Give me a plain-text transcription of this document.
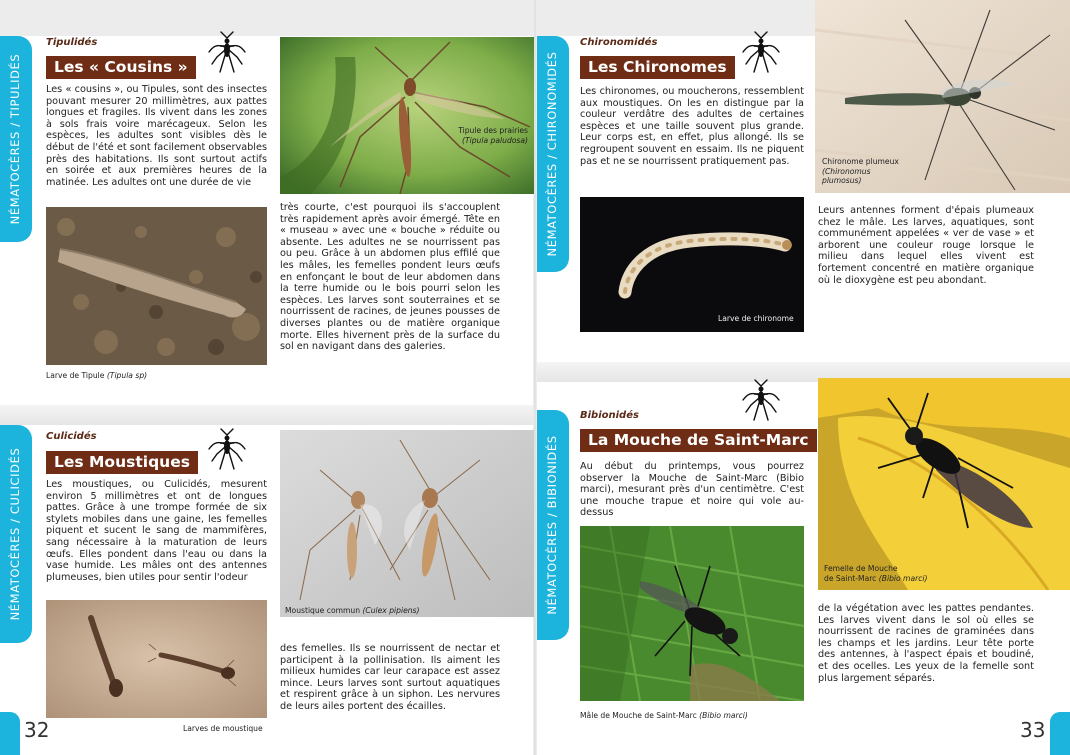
NÉMATOCÈRES / TIPULIDÉS
Tipulidés
Les « Cousins »
Les « cousins », ou Tipules, sont des insectes pouvant mesurer 20 millimètres, aux pattes longues et fragiles. Ils vivent dans les zones à sols frais voire marécageux. Selon les espèces, les adultes sont visibles dès le début de l'été et sont facilement observables près des habitations. Ils sont surtout actifs en soirée et aux premières heures de la matinée. Les adultes ont une durée de vie
Larve de Tipule (Tipula sp)
Tipule des prairies
(Tipula paludosa)
très courte, c'est pourquoi ils s'accouplent très rapidement après avoir émergé. Tête en « museau » avec une « bouche » réduite ou absente. Les adultes ne se nourrissent pas ou peu. Grâce à un abdomen plus effilé que les mâles, les femelles pondent leurs œufs en enfonçant le bout de leur abdomen dans la terre humide ou le bois pourri selon les espèces. Les larves sont souterraines et se nourrissent de racines, de jeunes pousses de diverses plantes ou de matière organique morte. Elles hivernent près de la surface du sol en navigant dans des galeries.
NÉMATOCÈRES / CULICIDÉS
Culicidés
Les Moustiques
Les moustiques, ou Culicidés, mesurent environ 5 millimètres et ont de longues pattes. Grâce à une trompe formée de six stylets mobiles dans une gaine, les femelles piquent et sucent le sang de mammifères, sang nécessaire à la maturation de leurs œufs. Elles pondent dans l'eau ou dans la vase humide. Les mâles ont des antennes plumeuses, bien utiles pour sentir l'odeur
Larves de moustique
Moustique commun (Culex pipiens)
des femelles. Ils se nourrissent de nectar et participent à la pollinisation. Ils aiment les milieux humides car leur carapace est assez mince. Leurs larves sont surtout aquatiques et respirent grâce à un siphon. Les nervures de leurs ailes portent des écailles.
32
NÉMATOCÈRES / CHIRONOMIDÉS
Chironomidés
Les Chironomes
Les chironomes, ou moucherons, ressemblent aux moustiques. On les en distingue par la couleur verdâtre des adultes de certaines espèces et une taille souvent plus grande. Leur corps est, en effet, plus allongé. Ils se regroupent souvent en essaim. Ils ne piquent pas et ne se nourrissent pratiquement pas.
Larve de chironome
Chironome plumeux
(Chironomus
plumosus)
Leurs antennes forment d'épais plumeaux chez le mâle. Les larves, aquatiques, sont communément appelées « ver de vase » et arborent une couleur rouge lorsque le milieu dans lequel elles vivent est fortement concentré en matière organique où le dioxygène est peu abondant.
NÉMATOCÈRES / BIBIONIDÉS
Bibionidés
La Mouche de Saint-Marc
Au début du printemps, vous pourrez observer la Mouche de Saint-Marc (Bibio marci), mesurant près d'un centimètre. C'est une mouche trapue et noire qui vole au-dessus
Mâle de Mouche de Saint-Marc (Bibio marci)
Femelle de Mouche
de Saint-Marc (Bibio marci)
de la végétation avec les pattes pendantes. Les larves vivent dans le sol où elles se nourrissent de racines de graminées dans les champs et les jardins. Leur tête porte des antennes, à l'aspect épais et boudiné, et des ocelles. Les yeux de la femelle sont plus largement séparés.
33
